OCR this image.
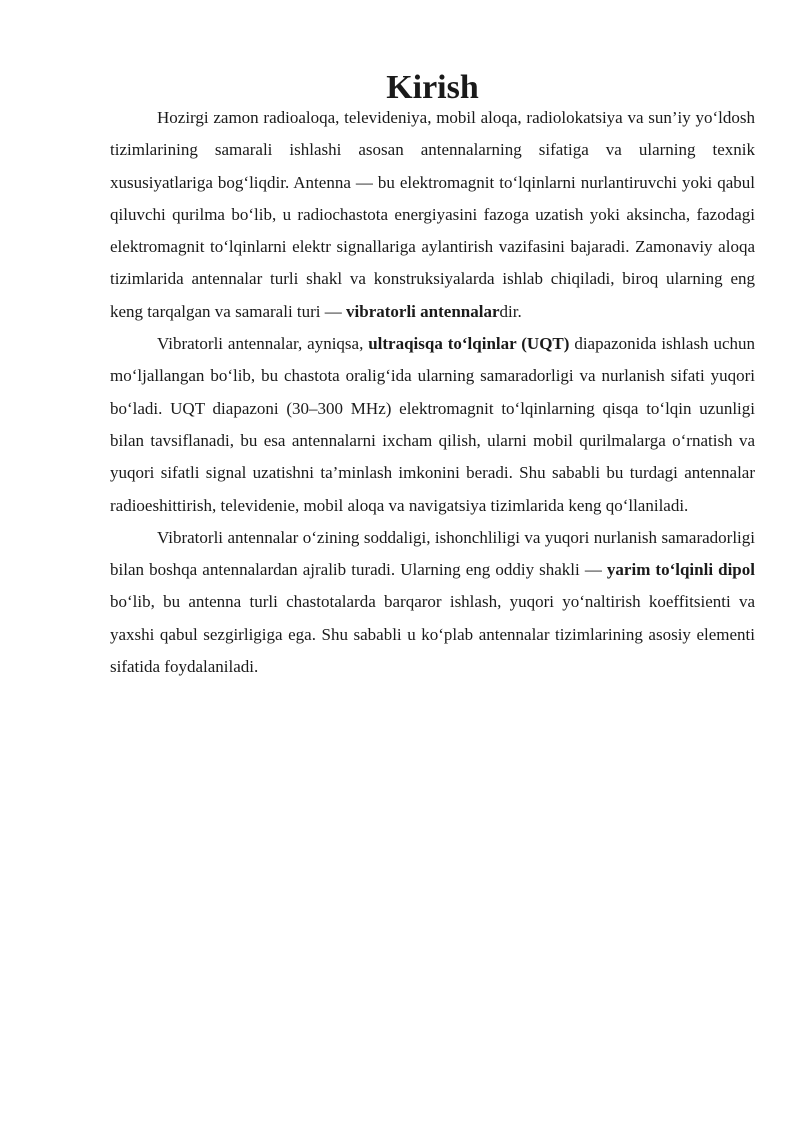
Kirish

Hozirgi zamon radioaloqa, televideniya, mobil aloqa, radiolokatsiya va sun’iy yo‘ldosh tizimlarining samarali ishlashi asosan antennalarning sifatiga va ularning texnik xususiyatlariga bog‘liqdir. Antenna — bu elektromagnit to‘lqinlarni nurlantiruvchi yoki qabul qiluvchi qurilma bo‘lib, u radiochastota energiyasini fazoga uzatish yoki aksincha, fazodagi elektromagnit to‘lqinlarni elektr signallariga aylantirish vazifasini bajaradi. Zamonaviy aloqa tizimlarida antennalar turli shakl va konstruksiyalarda ishlab chiqiladi, biroq ularning eng keng tarqalgan va samarali turi — vibratorli antennalardir.

Vibratorli antennalar, ayniqsa, ultraqisqa to‘lqinlar (UQT) diapazonida ishlash uchun mo‘ljallangan bo‘lib, bu chastota oralig‘ida ularning samaradorligi va nurlanish sifati yuqori bo‘ladi. UQT diapazoni (30–300 MHz) elektromagnit to‘lqinlarning qisqa to‘lqin uzunligi bilan tavsiflanadi, bu esa antennalarni ixcham qilish, ularni mobil qurilmalarga o‘rnatish va yuqori sifatli signal uzatishni ta’minlash imkonini beradi. Shu sababli bu turdagi antennalar radioeshittirish, televidenie, mobil aloqa va navigatsiya tizimlarida keng qo‘llaniladi.

Vibratorli antennalar o‘zining soddaligi, ishonchliligi va yuqori nurlanish samaradorligi bilan boshqa antennalardan ajralib turadi. Ularning eng oddiy shakli — yarim to‘lqinli dipol bo‘lib, bu antenna turli chastotalarda barqaror ishlash, yuqori yo‘naltirish koeffitsienti va yaxshi qabul sezgirligiga ega. Shu sababli u ko‘plab antennalar tizimlarining asosiy elementi sifatida foydalaniladi.
